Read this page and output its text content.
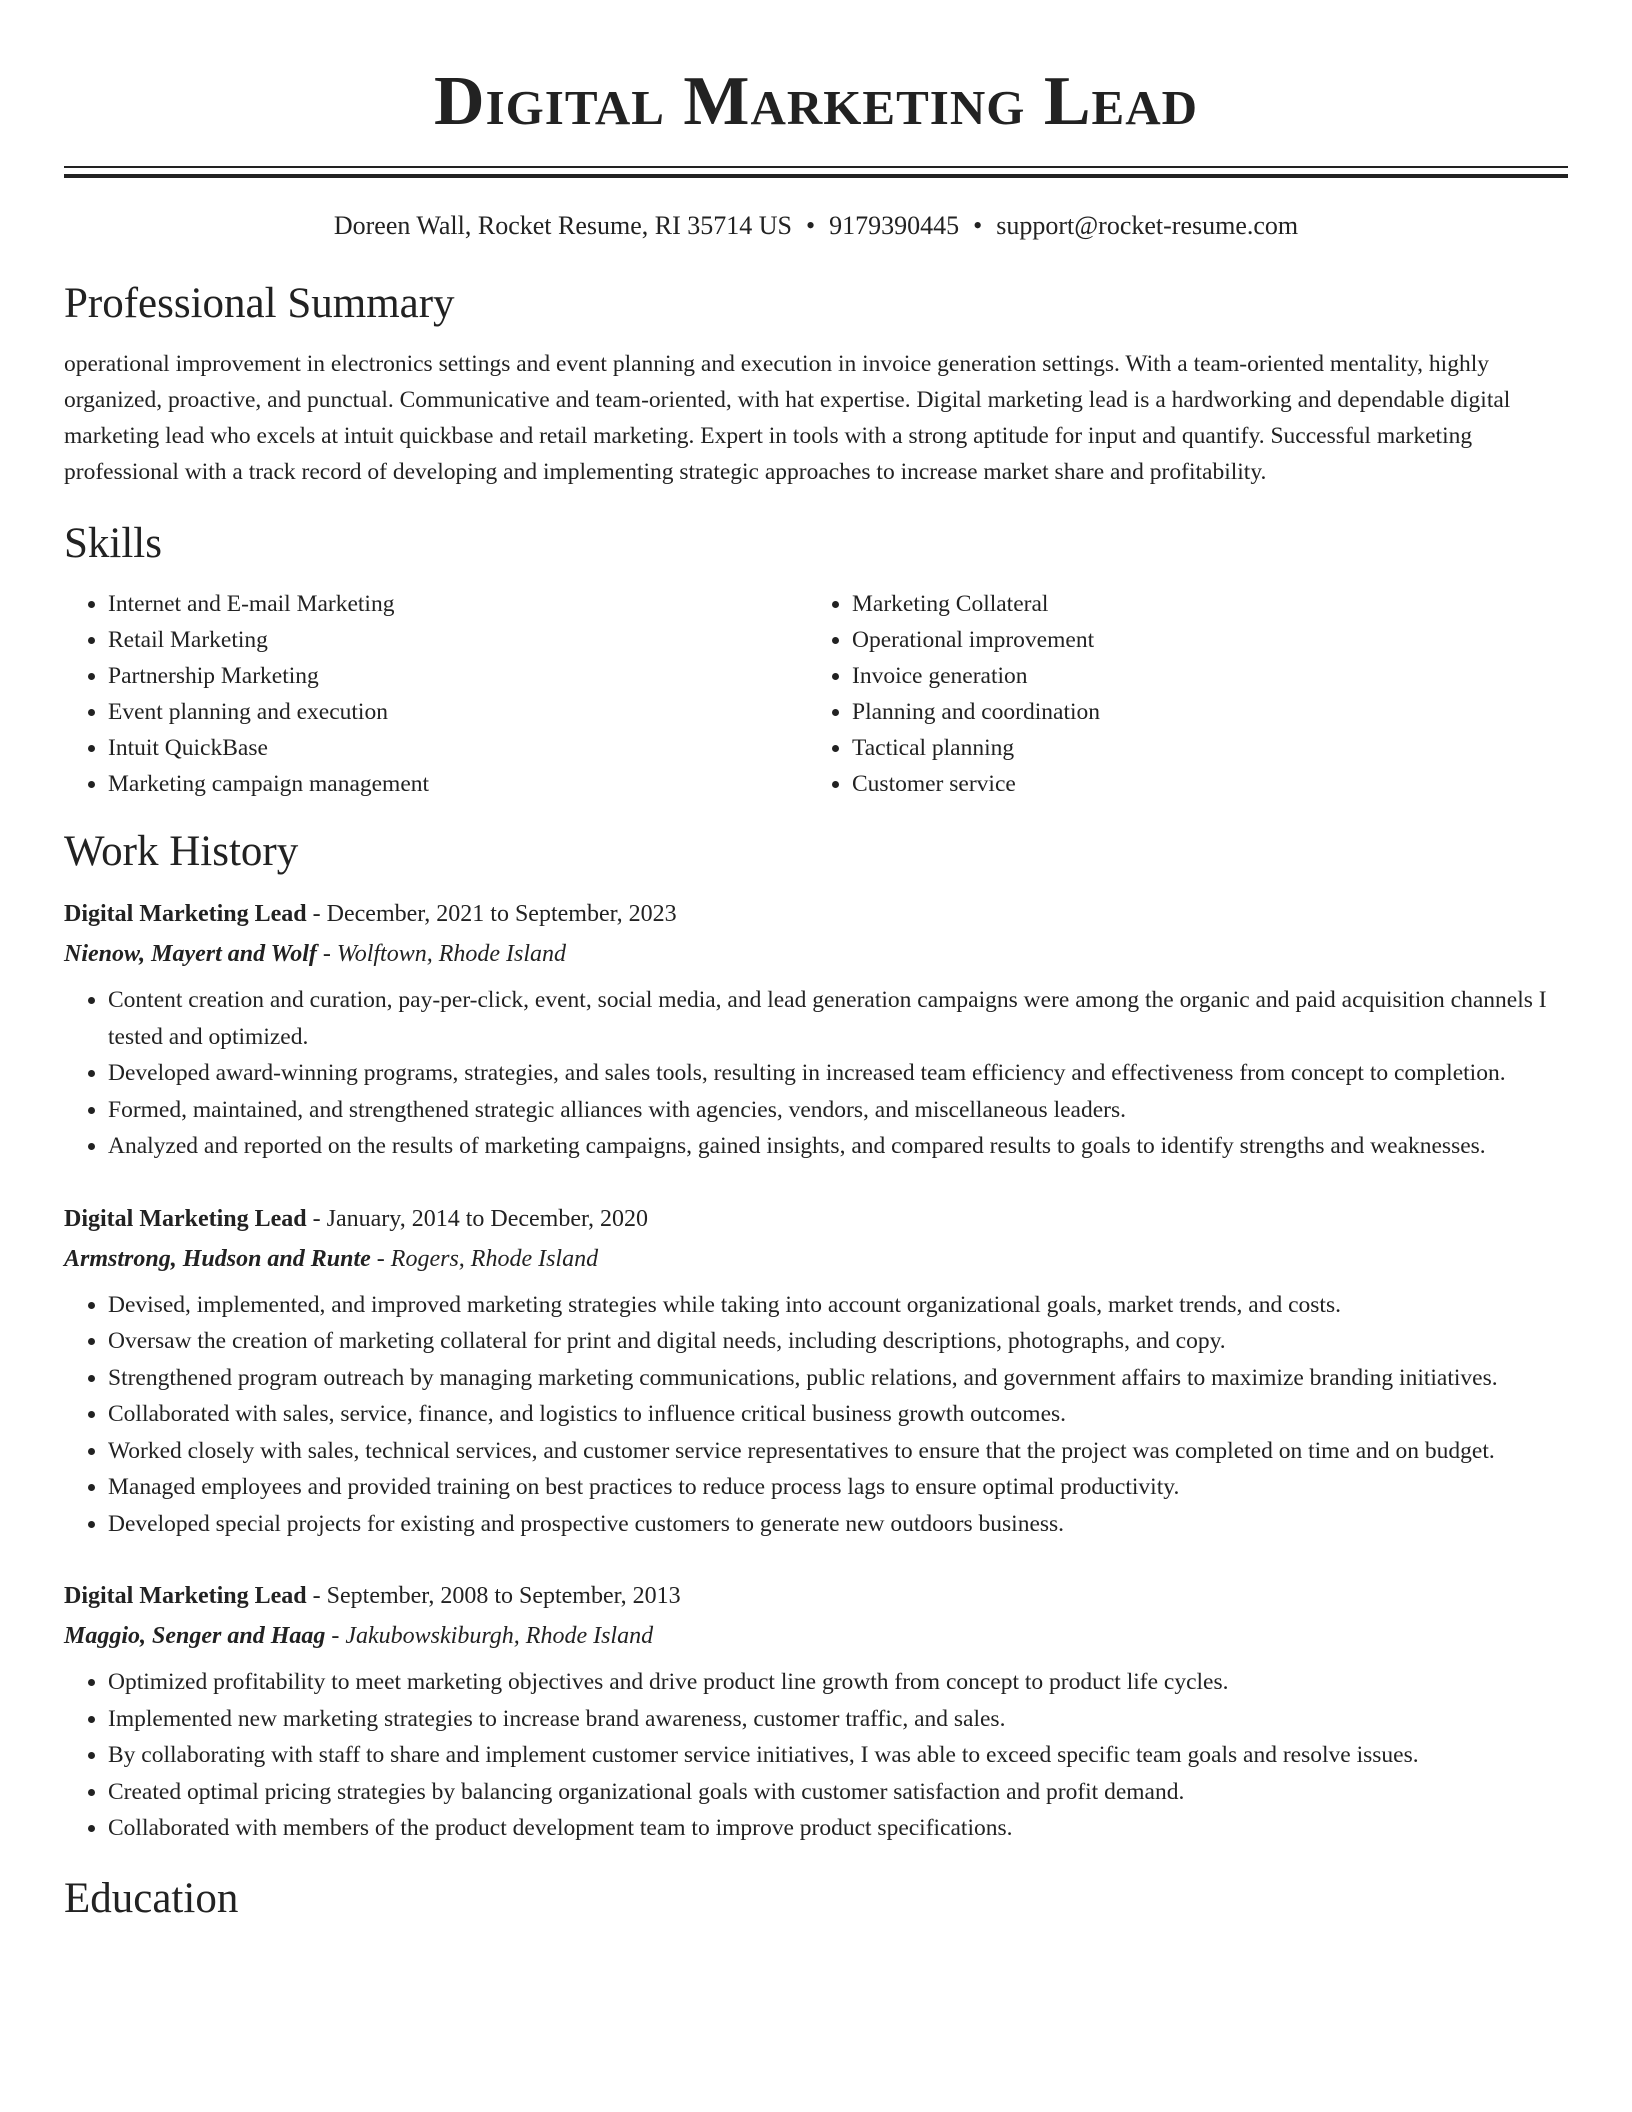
Digital Marketing Lead
Doreen Wall, Rocket Resume, RI 35714 US • 9179390445 • support@rocket-resume.com
Professional Summary

operational improvement in electronics settings and event planning and execution in invoice generation settings. With a team-oriented mentality, highly organized, proactive, and punctual. Communicative and team-oriented, with hat expertise. Digital marketing lead is a hardworking and dependable digital marketing lead who excels at intuit quickbase and retail marketing. Expert in tools with a strong aptitude for input and quantify. Successful marketing professional with a track record of developing and implementing strategic approaches to increase market share and profitability.

Skills
• Internet and E-mail Marketing
• Retail Marketing
• Partnership Marketing
• Event planning and execution
• Intuit QuickBase
• Marketing campaign management
• Marketing Collateral
• Operational improvement
• Invoice generation
• Planning and coordination
• Tactical planning
• Customer service
Work History
Digital Marketing Lead - December, 2021 to September, 2023
Nienow, Mayert and Wolf - Wolftown, Rhode Island
• Content creation and curation, pay-per-click, event, social media, and lead generation campaigns were among the organic and paid acquisition channels I tested and optimized.
• Developed award-winning programs, strategies, and sales tools, resulting in increased team efficiency and effectiveness from concept to completion.
• Formed, maintained, and strengthened strategic alliances with agencies, vendors, and miscellaneous leaders.
• Analyzed and reported on the results of marketing campaigns, gained insights, and compared results to goals to identify strengths and weaknesses.
Digital Marketing Lead - January, 2014 to December, 2020
Armstrong, Hudson and Runte - Rogers, Rhode Island
• Devised, implemented, and improved marketing strategies while taking into account organizational goals, market trends, and costs.
• Oversaw the creation of marketing collateral for print and digital needs, including descriptions, photographs, and copy.
• Strengthened program outreach by managing marketing communications, public relations, and government affairs to maximize branding initiatives.
• Collaborated with sales, service, finance, and logistics to influence critical business growth outcomes.
• Worked closely with sales, technical services, and customer service representatives to ensure that the project was completed on time and on budget.
• Managed employees and provided training on best practices to reduce process lags to ensure optimal productivity.
• Developed special projects for existing and prospective customers to generate new outdoors business.
Digital Marketing Lead - September, 2008 to September, 2013
Maggio, Senger and Haag - Jakubowskiburgh, Rhode Island
• Optimized profitability to meet marketing objectives and drive product line growth from concept to product life cycles.
• Implemented new marketing strategies to increase brand awareness, customer traffic, and sales.
• By collaborating with staff to share and implement customer service initiatives, I was able to exceed specific team goals and resolve issues.
• Created optimal pricing strategies by balancing organizational goals with customer satisfaction and profit demand.
• Collaborated with members of the product development team to improve product specifications.
Education
